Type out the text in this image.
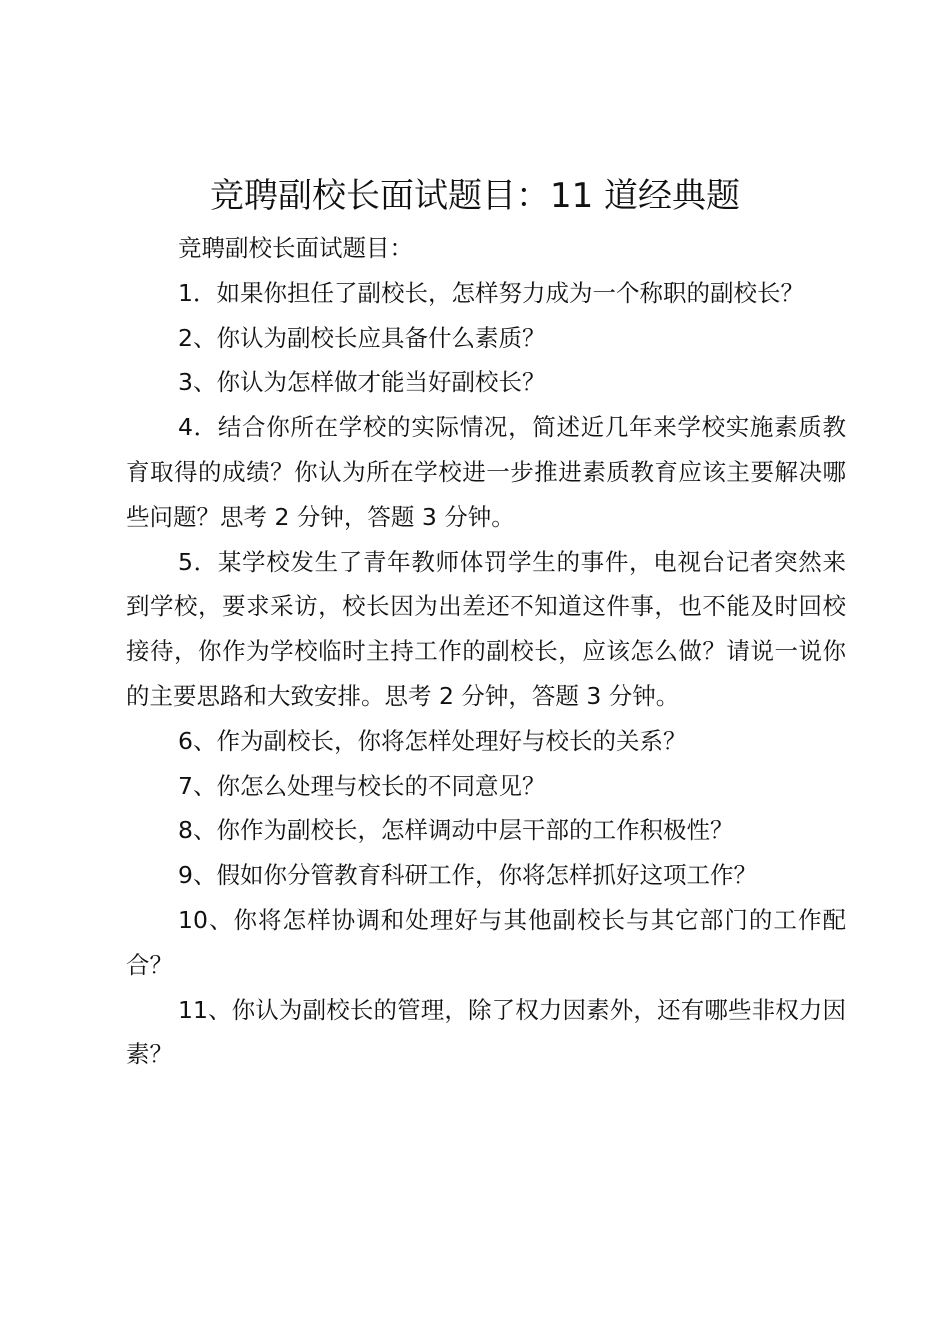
竞聘副校长面试题目：11 道经典题

竞聘副校长面试题目：

1．如果你担任了副校长，怎样努力成为一个称职的副校长？

2、你认为副校长应具备什么素质？

3、你认为怎样做才能当好副校长？

4．结合你所在学校的实际情况，简述近几年来学校实施素质教育取得的成绩？你认为所在学校进一步推进素质教育应该主要解决哪些问题？思考 2 分钟，答题 3 分钟。

5．某学校发生了青年教师体罚学生的事件，电视台记者突然来到学校，要求采访，校长因为出差还不知道这件事，也不能及时回校接待，你作为学校临时主持工作的副校长，应该怎么做？请说一说你的主要思路和大致安排。思考 2 分钟，答题 3 分钟。

6、作为副校长，你将怎样处理好与校长的关系？

7、你怎么处理与校长的不同意见？

8、你作为副校长，怎样调动中层干部的工作积极性？

9、假如你分管教育科研工作，你将怎样抓好这项工作？

10、你将怎样协调和处理好与其他副校长与其它部门的工作配合？

11、你认为副校长的管理，除了权力因素外，还有哪些非权力因素？
